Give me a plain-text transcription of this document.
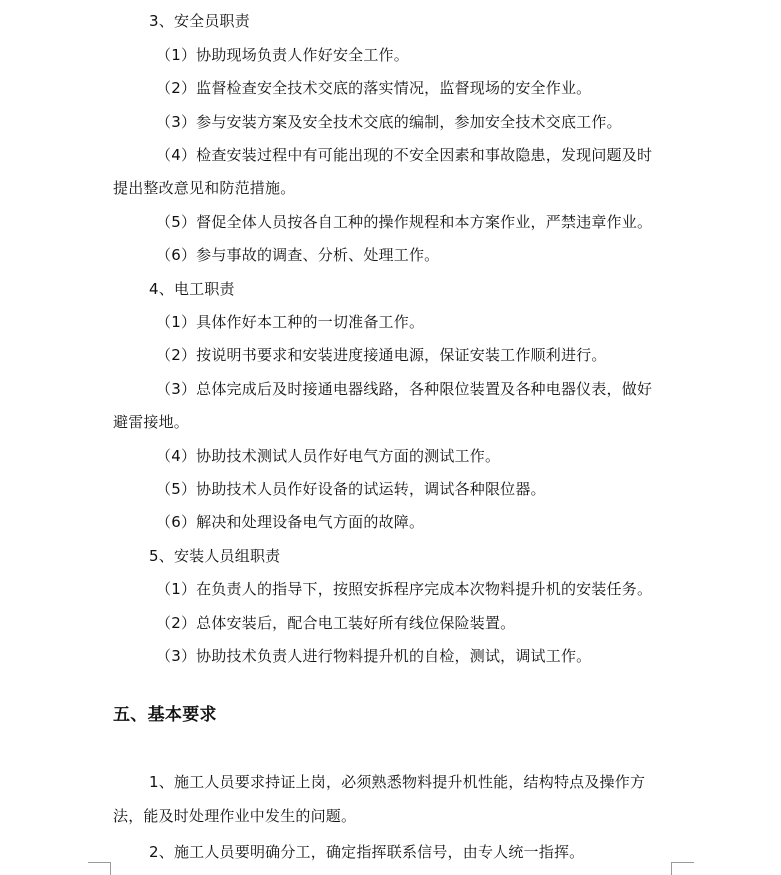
3、安全员职责
（1）协助现场负责人作好安全工作。
（2）监督检查安全技术交底的落实情况，监督现场的安全作业。
（3）参与安装方案及安全技术交底的编制，参加安全技术交底工作。
（4）检查安装过程中有可能出现的不安全因素和事故隐患，发现问题及时
提出整改意见和防范措施。
（5）督促全体人员按各自工种的操作规程和本方案作业，严禁违章作业。
（6）参与事故的调查、分析、处理工作。
4、电工职责
（1）具体作好本工种的一切准备工作。
（2）按说明书要求和安装进度接通电源，保证安装工作顺利进行。
（3）总体完成后及时接通电器线路，各种限位装置及各种电器仪表，做好
避雷接地。
（4）协助技术测试人员作好电气方面的测试工作。
（5）协助技术人员作好设备的试运转，调试各种限位器。
（6）解决和处理设备电气方面的故障。
5、安装人员组职责
（1）在负责人的指导下，按照安拆程序完成本次物料提升机的安装任务。
（2）总体安装后，配合电工装好所有线位保险装置。
（3）协助技术负责人进行物料提升机的自检，测试，调试工作。
五、基本要求
1、施工人员要求持证上岗，必须熟悉物料提升机性能，结构特点及操作方
法，能及时处理作业中发生的问题。
2、施工人员要明确分工，确定指挥联系信号，由专人统一指挥。
